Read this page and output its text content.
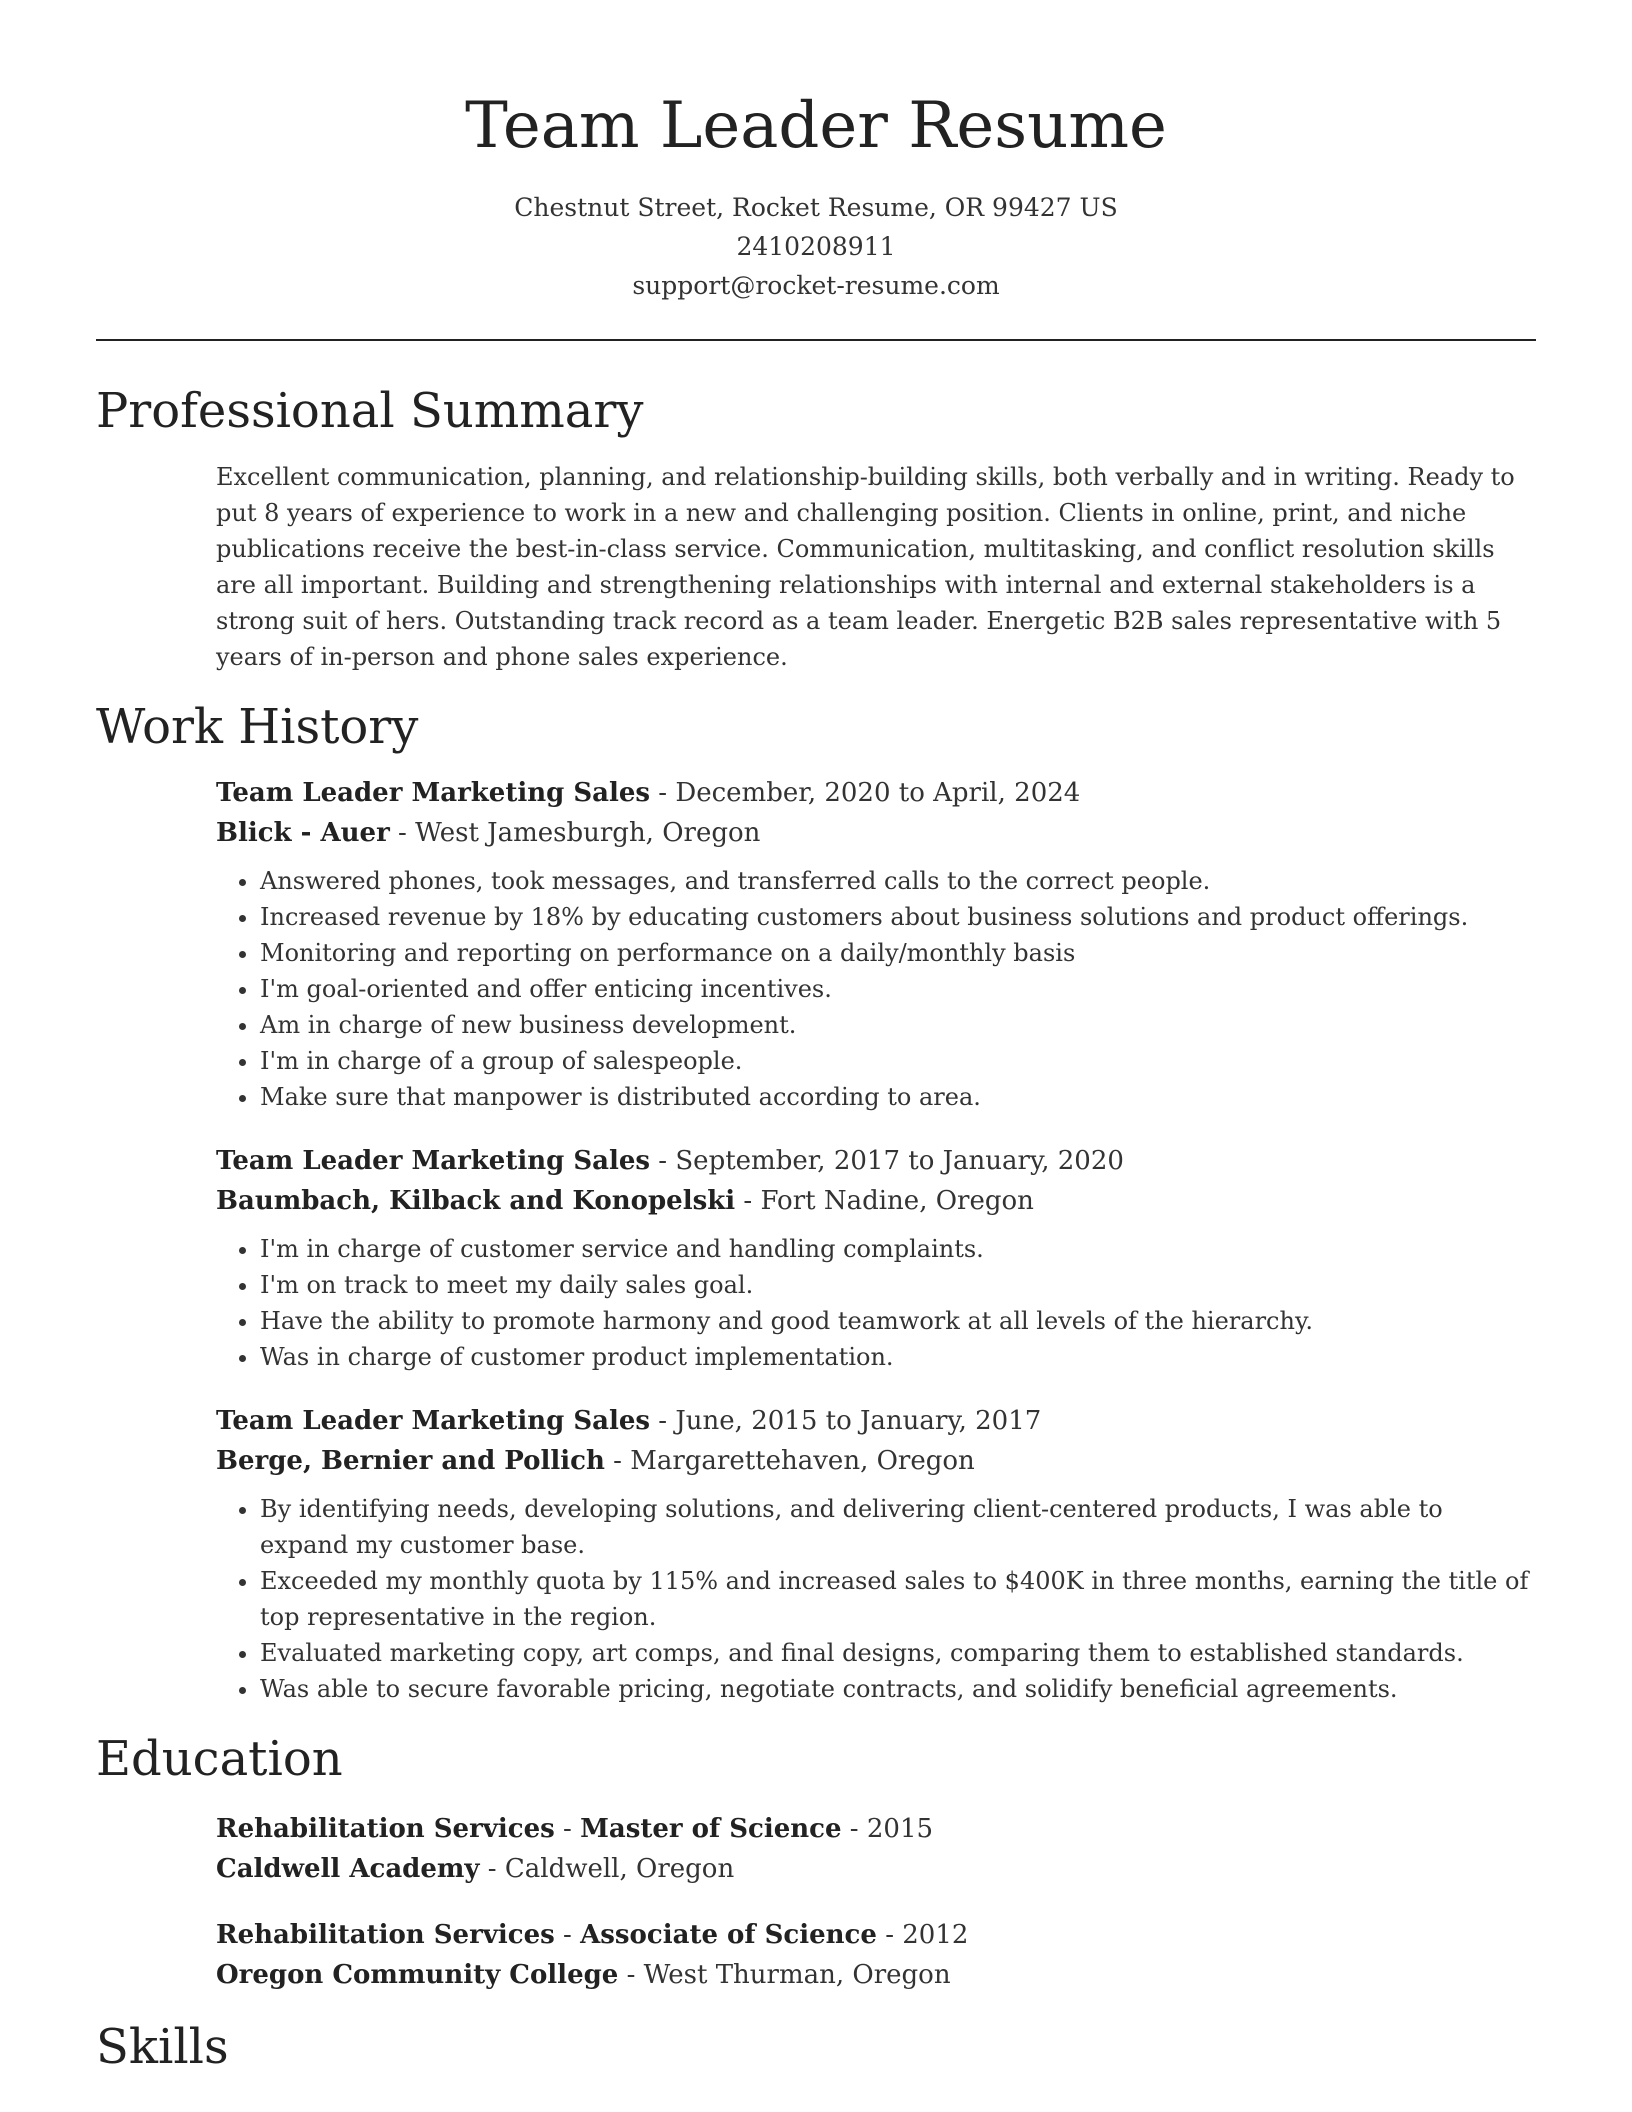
Team Leader Resume
Chestnut Street, Rocket Resume, OR 99427 US
2410208911
support@rocket-resume.com
Professional Summary
Excellent communication, planning, and relationship-building skills, both verbally and in writing. Ready to put 8 years of experience to work in a new and challenging position. Clients in online, print, and niche publications receive the best-in-class service. Communication, multitasking, and conflict resolution skills are all important. Building and strengthening relationships with internal and external stakeholders is a strong suit of hers. Outstanding track record as a team leader. Energetic B2B sales representative with 5 years of in-person and phone sales experience.
Work History
Team Leader Marketing Sales - December, 2020 to April, 2024
Blick - Auer - West Jamesburgh, Oregon
• Answered phones, took messages, and transferred calls to the correct people.
• Increased revenue by 18% by educating customers about business solutions and product offerings.
• Monitoring and reporting on performance on a daily/monthly basis
• I'm goal-oriented and offer enticing incentives.
• Am in charge of new business development.
• I'm in charge of a group of salespeople.
• Make sure that manpower is distributed according to area.
Team Leader Marketing Sales - September, 2017 to January, 2020
Baumbach, Kilback and Konopelski - Fort Nadine, Oregon
• I'm in charge of customer service and handling complaints.
• I'm on track to meet my daily sales goal.
• Have the ability to promote harmony and good teamwork at all levels of the hierarchy.
• Was in charge of customer product implementation.
Team Leader Marketing Sales - June, 2015 to January, 2017
Berge, Bernier and Pollich - Margarettehaven, Oregon
• By identifying needs, developing solutions, and delivering client-centered products, I was able to expand my customer base.
• Exceeded my monthly quota by 115% and increased sales to $400K in three months, earning the title of top representative in the region.
• Evaluated marketing copy, art comps, and final designs, comparing them to established standards.
• Was able to secure favorable pricing, negotiate contracts, and solidify beneficial agreements.
Education
Rehabilitation Services - Master of Science - 2015
Caldwell Academy - Caldwell, Oregon
Rehabilitation Services - Associate of Science - 2012
Oregon Community College - West Thurman, Oregon
Skills
